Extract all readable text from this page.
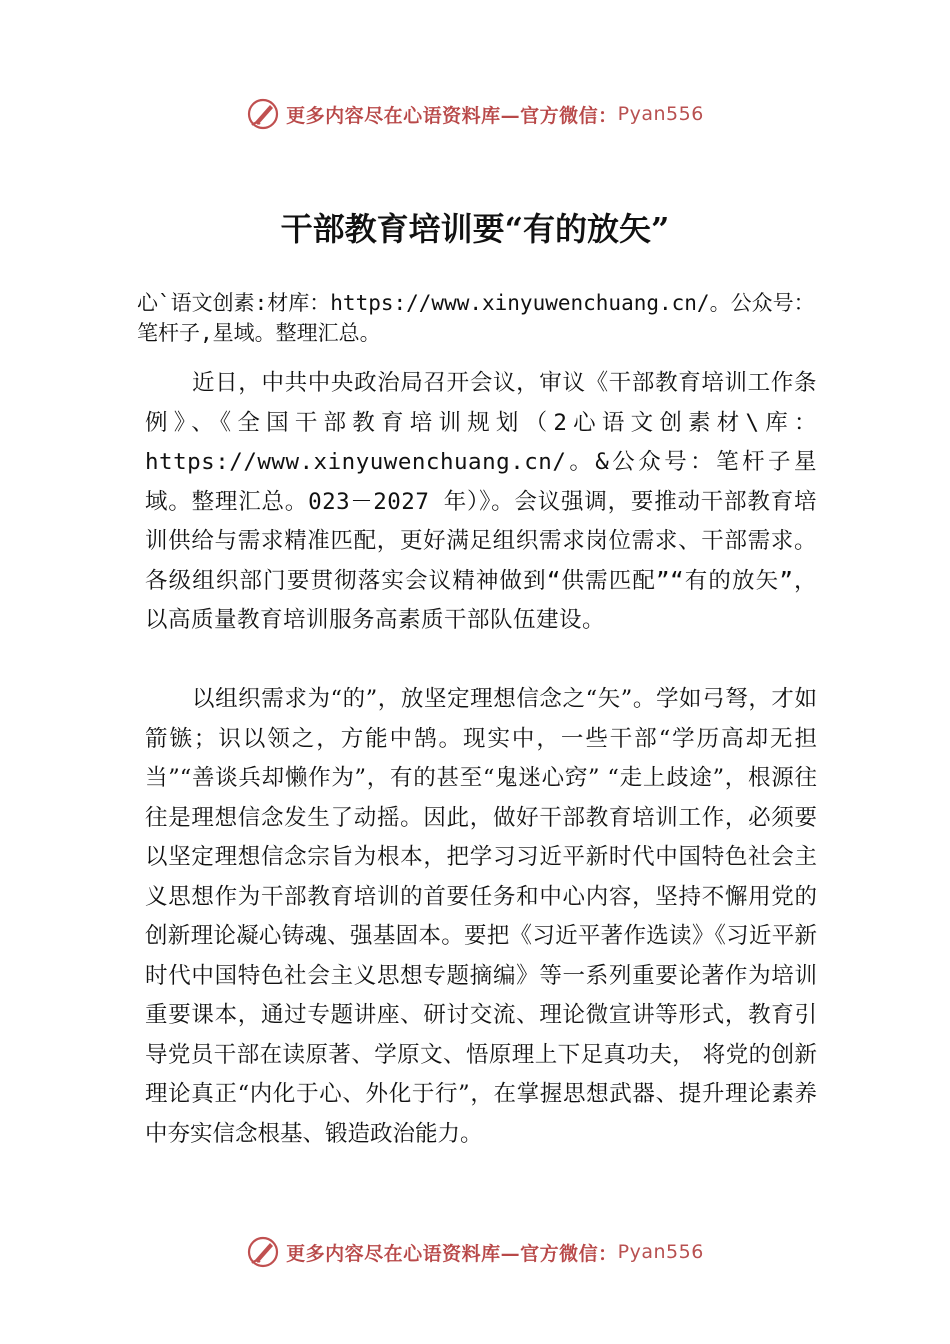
更多内容尽在心语资料库—官方微信： Pyan556
干部教育培训要“有的放矢”
心`语文创素:材库：https://www.xinyuwenchuang.cn/。公众号：笔杆子,星域。整理汇总。

近日，中共中央政治局召开会议，审议《干部教育培训工作条例》、《全国干部教育培训规划（2心语文创素材\库：https://www.xinyuwenchuang.cn/。&公众号：笔杆子星域。整理汇总。023－2027 年）》。会议强调，要推动干部教育培训供给与需求精准匹配，更好满足组织需求岗位需求、干部需求。各级组织部门要贯彻落实会议精神做到“供需匹配”“有的放矢”，以高质量教育培训服务高素质干部队伍建设。

以组织需求为“的”，放坚定理想信念之“矢”。学如弓弩，才如箭镞；识以领之，方能中鹄。现实中，一些干部“学历高却无担当”“善谈兵却懒作为”，有的甚至“鬼迷心窍” “走上歧途”，根源往往是理想信念发生了动摇。因此，做好干部教育培训工作，必须要以坚定理想信念宗旨为根本，把学习习近平新时代中国特色社会主义思想作为干部教育培训的首要任务和中心内容，坚持不懈用党的创新理论凝心铸魂、强基固本。要把《习近平著作选读》《习近平新时代中国特色社会主义思想专题摘编》等一系列重要论著作为培训重要课本，通过专题讲座、研讨交流、理论微宣讲等形式，教育引导党员干部在读原著、学原文、悟原理上下足真功夫， 将党的创新理论真正“内化于心、外化于行”，在掌握思想武器、提升理论素养中夯实信念根基、锻造政治能力。

更多内容尽在心语资料库—官方微信： Pyan556
